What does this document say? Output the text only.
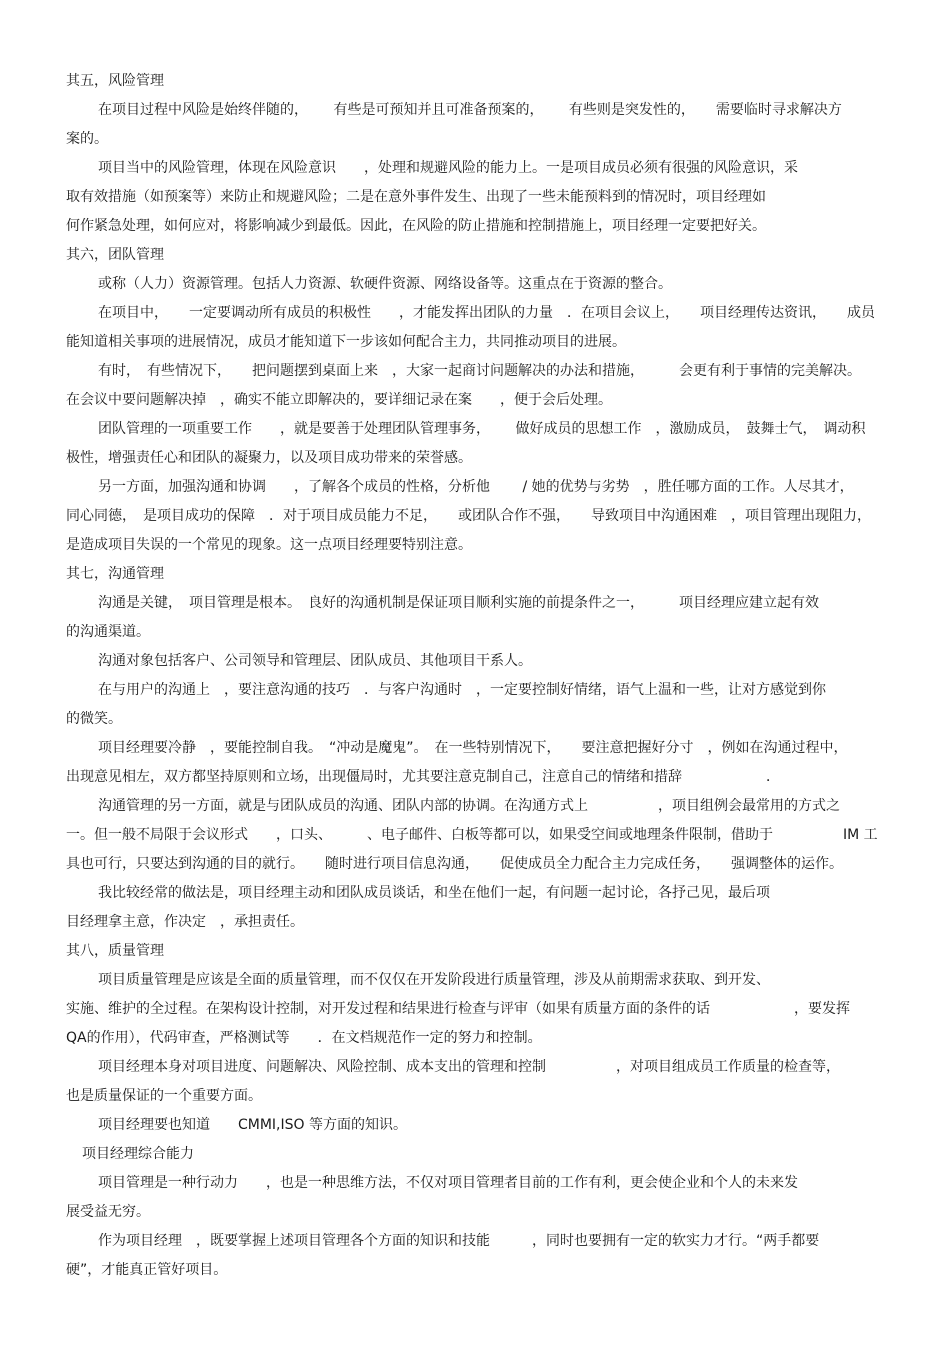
其五，风险管理
在项目过程中风险是始终伴随的，　　 有些是可预知并且可准备预案的，　　 有些则是突发性的，　　需要临时寻求解决方
案的。
项目当中的风险管理，体现在风险意识　　，处理和规避风险的能力上。一是项目成员必须有很强的风险意识，采
取有效措施（如预案等）来防止和规避风险；二是在意外事件发生、出现了一些未能预料到的情况时，项目经理如
何作紧急处理，如何应对，将影响减少到最低。因此，在风险的防止措施和控制措施上，项目经理一定要把好关。
其六，团队管理
或称（人力）资源管理。包括人力资源、软硬件资源、网络设备等。这重点在于资源的整合。
在项目中，　　一定要调动所有成员的积极性　　，才能发挥出团队的力量　．在项目会议上，　　项目经理传达资讯，　　成员
能知道相关事项的进展情况，成员才能知道下一步该如何配合主力，共同推动项目的进展。
有时，　有些情况下，　　把问题摆到桌面上来　，大家一起商讨问题解决的办法和措施，　　　会更有利于事情的完美解决。
在会议中要问题解决掉　，确实不能立即解决的，要详细记录在案　　，便于会后处理。
团队管理的一项重要工作　　，就是要善于处理团队管理事务，　　 做好成员的思想工作　，激励成员，　鼓舞士气，　调动积
极性，增强责任心和团队的凝聚力，以及项目成功带来的荣誉感。
另一方面，加强沟通和协调　　，了解各个成员的性格，分析他　　 / 她的优势与劣势　，胜任哪方面的工作。人尽其才，
同心同德，　是项目成功的保障　．对于项目成员能力不足，　　或团队合作不强，　　导致项目中沟通困难　，项目管理出现阻力，
是造成项目失误的一个常见的现象。这一点项目经理要特别注意。
其七，沟通管理
沟通是关键，　项目管理是根本。　良好的沟通机制是保证项目顺利实施的前提条件之一，　　　项目经理应建立起有效
的沟通渠道。
沟通对象包括客户、公司领导和管理层、团队成员、其他项目干系人。
在与用户的沟通上　，要注意沟通的技巧　．与客户沟通时　，一定要控制好情绪，语气上温和一些，让对方感觉到你
的微笑。
项目经理要冷静　，要能控制自我。　“冲动是魔鬼”。　在一些特别情况下，　　要注意把握好分寸　，例如在沟通过程中，
出现意见相左，双方都坚持原则和立场，出现僵局时，尤其要注意克制自己，注意自己的情绪和措辞　　　　　　．
沟通管理的另一方面，就是与团队成员的沟通、团队内部的协调。在沟通方式上　　　　　，项目组例会最常用的方式之
一。但一般不局限于会议形式　　，口头、　　　、电子邮件、白板等都可以，如果受空间或地理条件限制，借助于　　　　　IM 工
具也可行，只要达到沟通的目的就行。　　随时进行项目信息沟通，　　促使成员全力配合主力完成任务，　　强调整体的运作。
我比较经常的做法是，项目经理主动和团队成员谈话，和坐在他们一起，有问题一起讨论，各抒己见，最后项
目经理拿主意，作决定　，承担责任。
其八，质量管理
项目质量管理是应该是全面的质量管理，而不仅仅在开发阶段进行质量管理，涉及从前期需求获取、到开发、
实施、维护的全过程。在架构设计控制，对开发过程和结果进行检查与评审（如果有质量方面的条件的话　　　　　　，要发挥
QA的作用），代码审查，严格测试等　　．在文档规范作一定的努力和控制。
项目经理本身对项目进度、问题解决、风险控制、成本支出的管理和控制　　　　　，对项目组成员工作质量的检查等，
也是质量保证的一个重要方面。
项目经理要也知道　　CMMI,ISO 等方面的知识。
项目经理综合能力
项目管理是一种行动力　　，也是一种思维方法，不仅对项目管理者目前的工作有利，更会使企业和个人的未来发
展受益无穷。
作为项目经理　，既要掌握上述项目管理各个方面的知识和技能　　　，同时也要拥有一定的软实力才行。“两手都要
硬”，才能真正管好项目。
